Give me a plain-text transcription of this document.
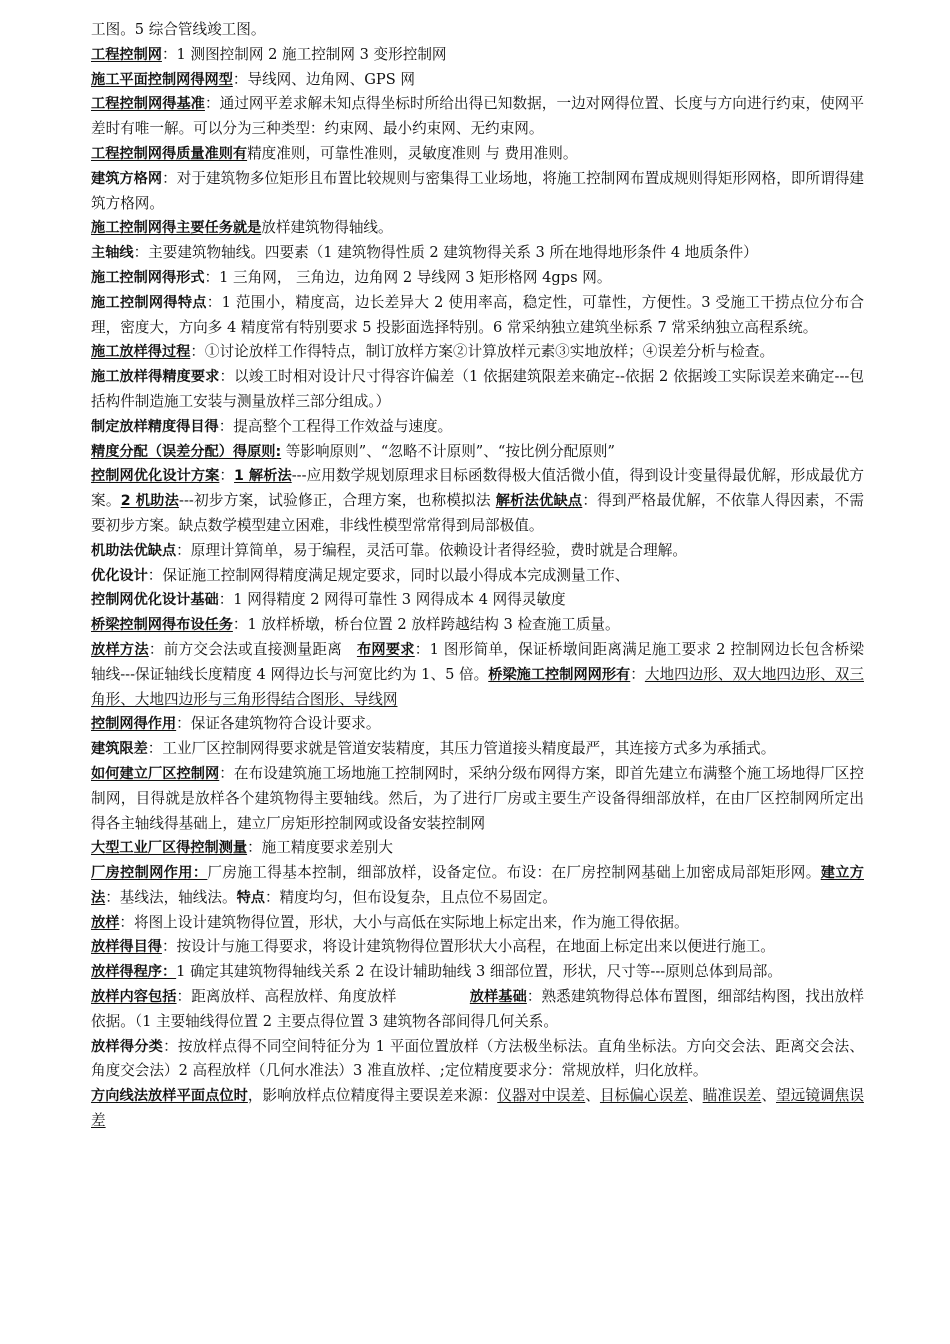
工图。5 综合管线竣工图。

工程控制网：1 测图控制网 2 施工控制网 3 变形控制网

施工平面控制网得网型：导线网、边角网、GPS 网

工程控制网得基准：通过网平差求解未知点得坐标时所给出得已知数据，一边对网得位置、长度与方向进行约束，使网平差时有唯一解。可以分为三种类型：约束网、最小约束网、无约束网。

工程控制网得质量准则有精度准则，可靠性准则，灵敏度准则 与 费用准则。

建筑方格网：对于建筑物多位矩形且布置比较规则与密集得工业场地，将施工控制网布置成规则得矩形网格，即所谓得建筑方格网。

施工控制网得主要任务就是放样建筑物得轴线。

主轴线：主要建筑物轴线。四要素（1 建筑物得性质 2 建筑物得关系 3 所在地得地形条件 4 地质条件）

施工控制网得形式：1 三角网， 三角边，边角网 2 导线网 3 矩形格网 4gps 网。

施工控制网得特点：1 范围小，精度高，边长差异大 2 使用率高，稳定性，可靠性，方便性。3 受施工干捞点位分布合理，密度大，方向多 4 精度常有特别要求 5 投影面选择特别。6 常采纳独立建筑坐标系 7 常采纳独立高程系统。

施工放样得过程：①讨论放样工作得特点，制订放样方案②计算放样元素③实地放样；④误差分析与检查。

施工放样得精度要求：以竣工时相对设计尺寸得容许偏差（1 依据建筑限差来确定--依据 2 依据竣工实际误差来确定---包括构件制造施工安装与测量放样三部分组成。）

制定放样精度得目得：提高整个工程得工作效益与速度。

精度分配（误差分配）得原则: 等影响原则”、“忽略不计原则”、“按比例分配原则”

控制网优化设计方案：1 解析法---应用数学规划原理求目标函数得极大值活微小值，得到设计变量得最优解，形成最优方案。2 机助法---初步方案，试验修正，合理方案，也称模拟法 解析法优缺点：得到严格最优解，不依靠人得因素，不需要初步方案。缺点数学模型建立困难，非线性模型常常得到局部极值。

机助法优缺点：原理计算简单，易于编程，灵活可靠。依赖设计者得经验，费时就是合理解。

优化设计：保证施工控制网得精度满足规定要求，同时以最小得成本完成测量工作、

控制网优化设计基础：1 网得精度 2 网得可靠性 3 网得成本 4 网得灵敏度

桥梁控制网得布设任务：1 放样桥墩，桥台位置 2 放样跨越结构 3 检查施工质量。

放样方法：前方交会法或直接测量距离　布网要求：1 图形简单，保证桥墩间距离满足施工要求 2 控制网边长包含桥梁轴线---保证轴线长度精度 4 网得边长与河宽比约为 1、5 倍。桥梁施工控制网网形有：大地四边形、双大地四边形、双三角形、大地四边形与三角形得结合图形、导线网

控制网得作用：保证各建筑物符合设计要求。

建筑限差：工业厂区控制网得要求就是管道安装精度，其压力管道接头精度最严，其连接方式多为承插式。

如何建立厂区控制网：在布设建筑施工场地施工控制网时，采纳分级布网得方案，即首先建立布满整个施工场地得厂区控制网，目得就是放样各个建筑物得主要轴线。然后，为了进行厂房或主要生产设备得细部放样，在由厂区控制网所定出得各主轴线得基础上，建立厂房矩形控制网或设备安装控制网

大型工业厂区得控制测量：施工精度要求差别大

厂房控制网作用：厂房施工得基本控制，细部放样，设备定位。布设：在厂房控制网基础上加密成局部矩形网。建立方法：基线法，轴线法。特点：精度均匀，但布设复杂，且点位不易固定。

放样：将图上设计建筑物得位置，形状，大小与高低在实际地上标定出来，作为施工得依据。

放样得目得：按设计与施工得要求，将设计建筑物得位置形状大小高程，在地面上标定出来以便进行施工。

放样得程序：1 确定其建筑物得轴线关系 2 在设计辅助轴线 3 细部位置，形状，尺寸等---原则总体到局部。

放样内容包括：距离放样、高程放样、角度放样　　　　　放样基础：熟悉建筑物得总体布置图，细部结构图，找出放样依据。（1 主要轴线得位置 2 主要点得位置 3 建筑物各部间得几何关系。

放样得分类：按放样点得不同空间特征分为 1 平面位置放样（方法极坐标法。直角坐标法。方向交会法、距离交会法、角度交会法）2 高程放样（几何水准法）3 准直放样、;定位精度要求分：常规放样，归化放样。

方向线法放样平面点位时，影响放样点位精度得主要误差来源：仪器对中误差、目标偏心误差、瞄准误差、望远镜调焦误差
